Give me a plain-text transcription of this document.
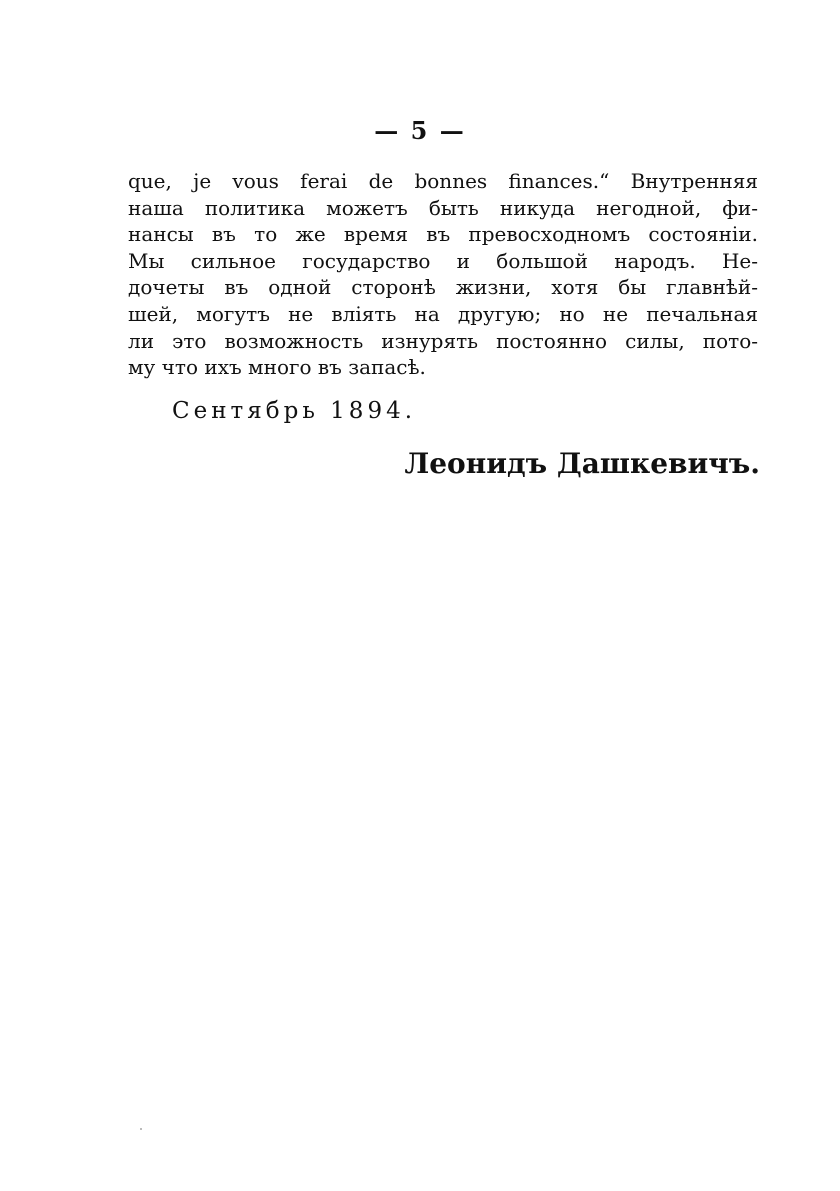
— 5 —
que, je vous ferai de bonnes finances.“ Внутренняя
наша политика можетъ быть никуда негодной, фи-
нансы въ то же время въ превосходномъ состоянiи.
Мы сильное государство и большой народъ. Не-
дочеты въ одной сторонѣ жизни, хотя бы главнѣй-
шей, могутъ не влiять на другую; но не печальная
ли это возможность изнурять постоянно силы, пото-
му что ихъ много въ запасѣ.
Сентябрь 1894.
Леонидъ Дашкевичъ.
